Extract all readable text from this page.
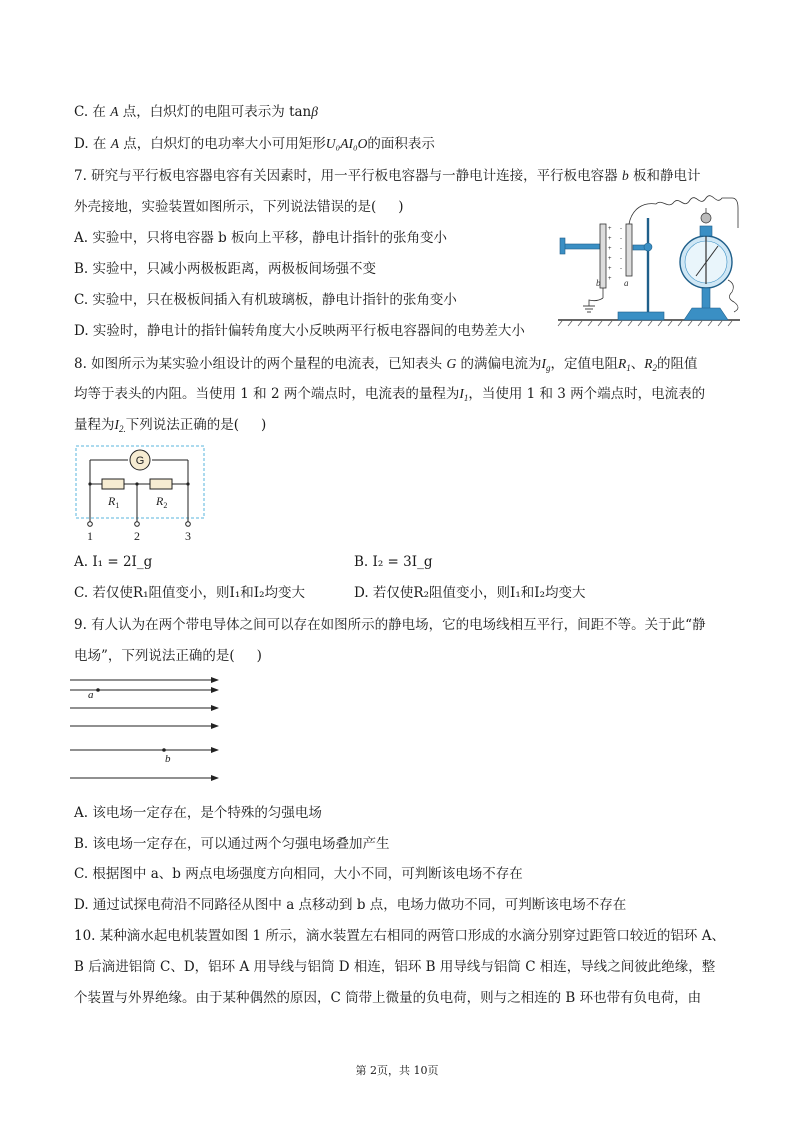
C. 在 A 点，白炽灯的电阻可表示为 tanβ
D. 在 A 点，白炽灯的电功率大小可用矩形U₀AI₀O的面积表示
7. 研究与平行板电容器电容有关因素时，用一平行板电容器与一静电计连接，平行板电容器 b 板和静电计
外壳接地，实验装置如图所示，下列说法错误的是( )
A. 实验中，只将电容器 b 板向上平移，静电计指针的张角变小
B. 实验中，只减小两极板距离，两极板间场强不变
C. 实验中，只在极板间插入有机玻璃板，静电计指针的张角变小
D. 实验时，静电计的指针偏转角度大小反映两平行板电容器间的电势差大小
+
+
+
+
+
+
-
-
-
-
-
b	a
8. 如图所示为某实验小组设计的两个量程的电流表，已知表头 G 的满偏电流为$I_g$，定值电阻$R_1$、$R_2$的阻值
均等于表头的内阻。当使用 1 和 2 两个端点时，电流表的量程为$I_1$，当使用 1 和 3 两个端点时，电流表的
量程为$I_{2.}$下列说法正确的是( )
G
$R_1$	$R_2$
1	2	3
A. I₁ = 2I_g	B. I₂ = 3I_g
C. 若仅使R₁阻值变小，则I₁和I₂均变大	D. 若仅使R₂阻值变小，则I₁和I₂均变大
9. 有人认为在两个带电导体之间可以存在如图所示的静电场，它的电场线相互平行，间距不等。关于此“静
电场”，下列说法正确的是( )
a
b
A. 该电场一定存在，是个特殊的匀强电场
B. 该电场一定存在，可以通过两个匀强电场叠加产生
C. 根据图中 a、b 两点电场强度方向相同，大小不同，可判断该电场不存在
D. 通过试探电荷沿不同路径从图中 a 点移动到 b 点，电场力做功不同，可判断该电场不存在
10. 某种滴水起电机装置如图 1 所示，滴水装置左右相同的两管口形成的水滴分别穿过距管口较近的铝环 A、
B 后滴进铝筒 C、D，铝环 A 用导线与铝筒 D 相连，铝环 B 用导线与铝筒 C 相连，导线之间彼此绝缘，整
个装置与外界绝缘。由于某种偶然的原因，C 筒带上微量的负电荷，则与之相连的 B 环也带有负电荷，由
第 2页，共 10页
